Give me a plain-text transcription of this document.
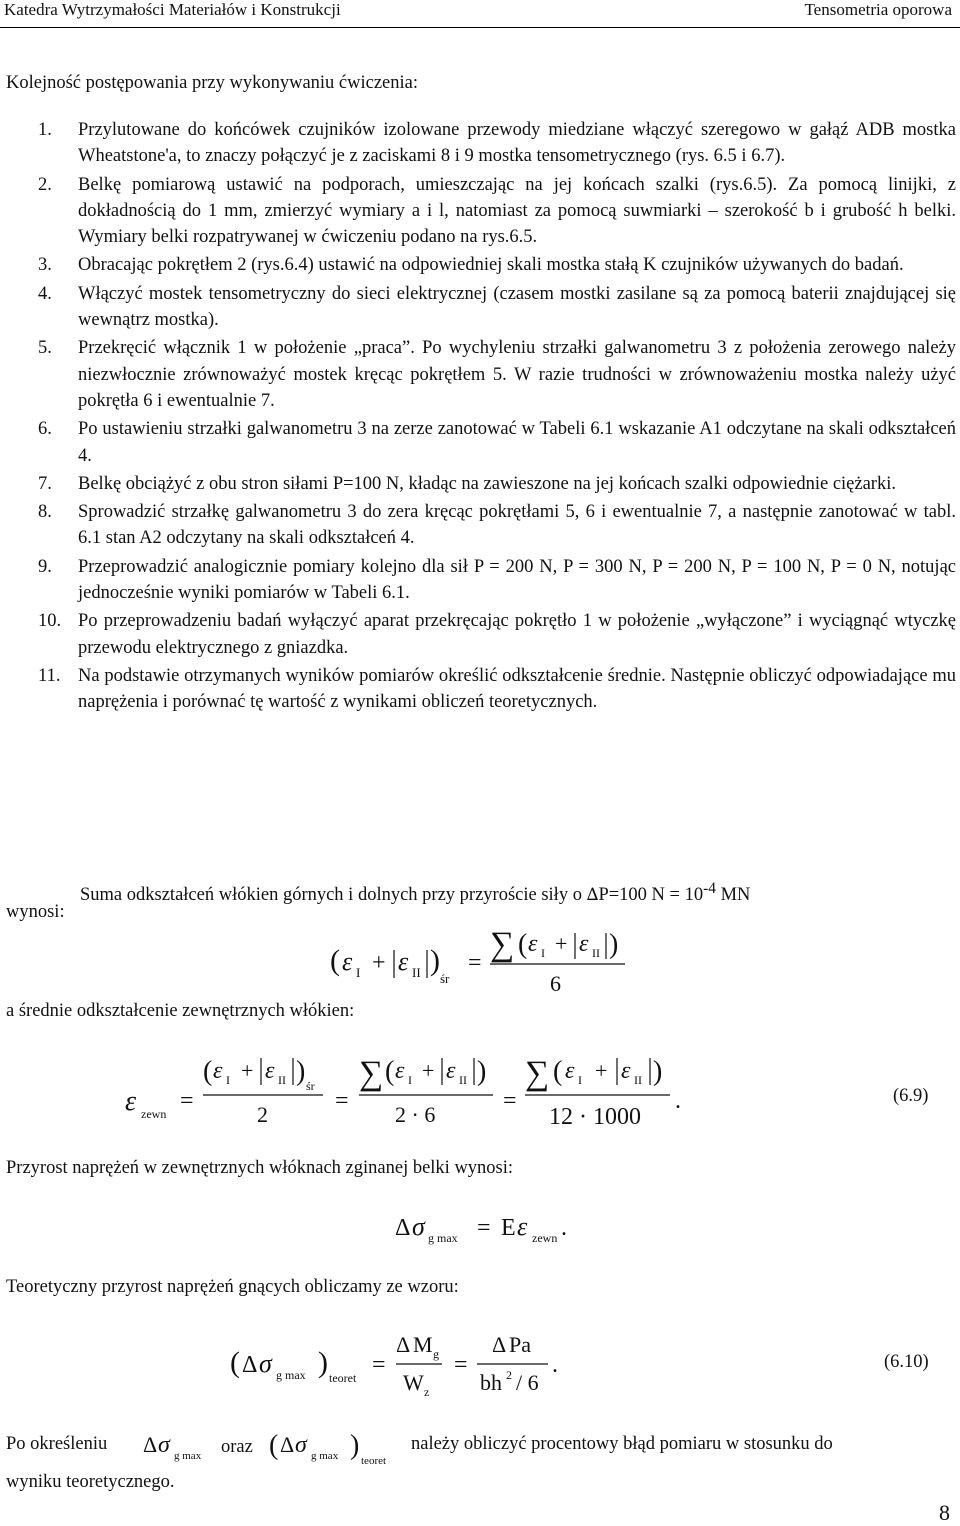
Katedra Wytrzymałości Materiałów i Konstrukcji	Tensometria oporowa
Kolejność postępowania przy wykonywaniu ćwiczenia:
1. Przylutowane do końcówek czujników izolowane przewody miedziane włączyć szeregowo w gałąź ADB mostka Wheatstone'a, to znaczy połączyć je z zaciskami 8 i 9 mostka tensometrycznego (rys. 6.5 i 6.7).
2. Belkę pomiarową ustawić na podporach, umieszczając na jej końcach szalki (rys.6.5). Za pomocą linijki, z dokładnością do 1 mm, zmierzyć wymiary a i l, natomiast za pomocą suwmiarki – szerokość b i grubość h belki. Wymiary belki rozpatrywanej w ćwiczeniu podano na rys.6.5.
3. Obracając pokrętłem 2 (rys.6.4) ustawić na odpowiedniej skali mostka stałą K czujników używanych do badań.
4. Włączyć mostek tensometryczny do sieci elektrycznej (czasem mostki zasilane są za pomocą baterii znajdującej się wewnątrz mostka).
5. Przekręcić włącznik 1 w położenie „praca”. Po wychyleniu strzałki galwanometru 3 z położenia zerowego należy niezwłocznie zrównoważyć mostek kręcąc pokrętłem 5. W razie trudności w zrównoważeniu mostka należy użyć pokrętła 6 i ewentualnie 7.
6. Po ustawieniu strzałki galwanometru 3 na zerze zanotować w Tabeli 6.1 wskazanie A1 odczytane na skali odkształceń 4.
7. Belkę obciążyć z obu stron siłami P=100 N, kładąc na zawieszone na jej końcach szalki odpowiednie ciężarki.
8. Sprowadzić strzałkę galwanometru 3 do zera kręcąc pokrętłami 5, 6 i ewentualnie 7, a następnie zanotować w tabl. 6.1 stan A2 odczytany na skali odkształceń 4.
9. Przeprowadzić analogicznie pomiary kolejno dla sił P = 200 N, P = 300 N, P = 200 N, P = 100 N, P = 0 N, notując jednocześnie wyniki pomiarów w Tabeli 6.1.
10. Po przeprowadzeniu badań wyłączyć aparat przekręcając pokrętło 1 w położenie „wyłączone” i wyciągnąć wtyczkę przewodu elektrycznego z gniazdka.
11. Na podstawie otrzymanych wyników pomiarów określić odkształcenie średnie. Następnie obliczyć odpowiadające mu naprężenia i porównać tę wartość z wynikami obliczeń teoretycznych.
Suma odkształceń włókien górnych i dolnych przy przyroście siły o ∆P=100 $N = 10^{-4}$ MN
wynosi:
( ε I + ε II )
śr
= ∑ ( ε I + ε II )
6
a średnie odkształcenie zewnętrznych włókien:
ε zewn =
( ε I + ε II ) śr
2
=
∑ ( ε I + ε II )
2 · 6
=
∑ ( ε I + ε II )
12 · 1000
.	(6.9)
Przyrost naprężeń w zewnętrznych włóknach zginanej belki wynosi:
Δ σ g max = E ε zewn .
Teoretyczny przyrost naprężeń gnących obliczamy ze wzoru:
( Δ σ g max ) teoret =
Δ M g
W z
=
Δ Pa
bh 2 / 6
.	(6.10)
Po określeniu	należy obliczyć procentowy błąd pomiaru w stosunku do
Δ σ g max oraz ( Δ σ g max ) teoret
wyniku teoretycznego.
8
